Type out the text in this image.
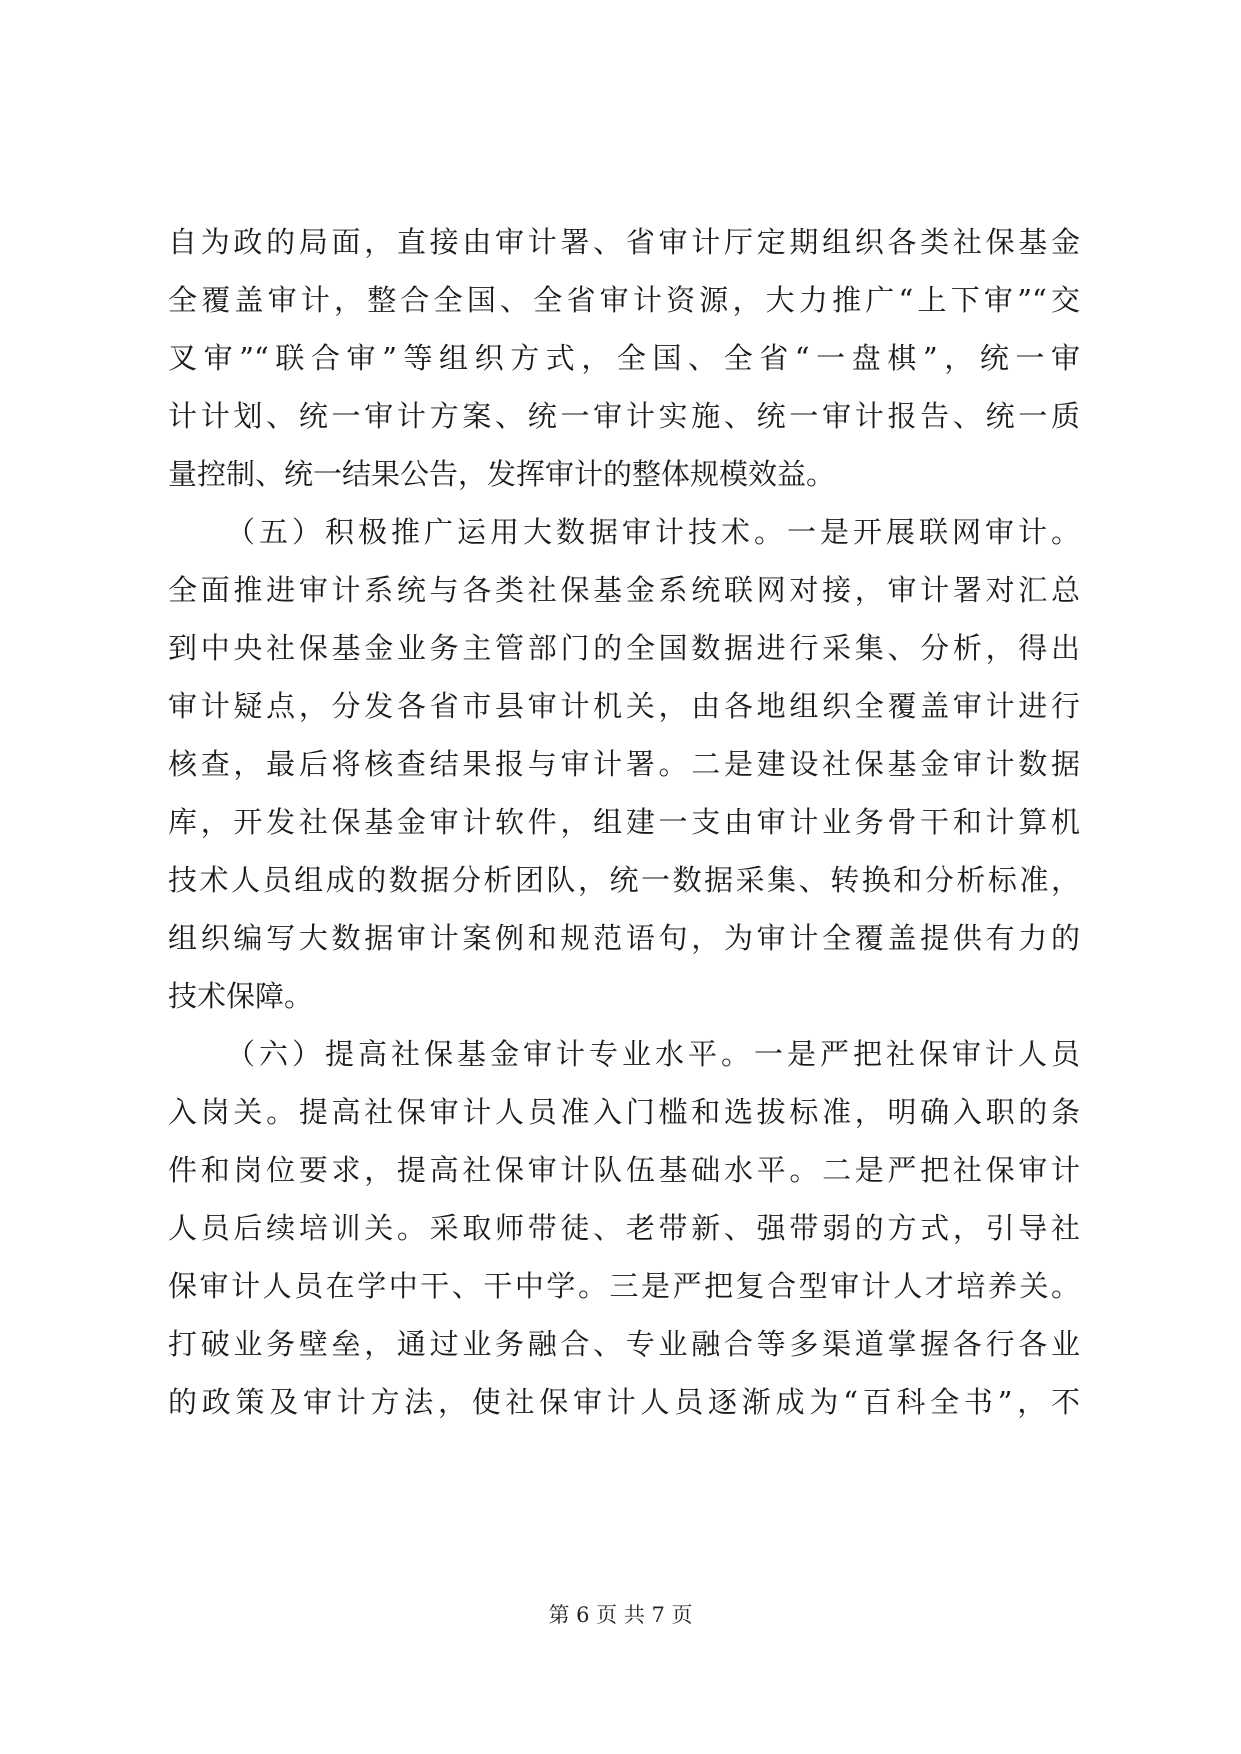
自为政的局面，直接由审计署、省审计厅定期组织各类社保基金
全覆盖审计，整合全国、全省审计资源，大力推广“上下审”“交
叉审”“联合审”等组织方式，全国、全省“一盘棋”，统一审
计计划、统一审计方案、统一审计实施、统一审计报告、统一质
量控制、统一结果公告，发挥审计的整体规模效益。
（五）积极推广运用大数据审计技术。一是开展联网审计。
全面推进审计系统与各类社保基金系统联网对接，审计署对汇总
到中央社保基金业务主管部门的全国数据进行采集、分析，得出
审计疑点，分发各省市县审计机关，由各地组织全覆盖审计进行
核查，最后将核查结果报与审计署。二是建设社保基金审计数据
库，开发社保基金审计软件，组建一支由审计业务骨干和计算机
技术人员组成的数据分析团队，统一数据采集、转换和分析标准，
组织编写大数据审计案例和规范语句，为审计全覆盖提供有力的
技术保障。
（六）提高社保基金审计专业水平。一是严把社保审计人员
入岗关。提高社保审计人员准入门槛和选拔标准，明确入职的条
件和岗位要求，提高社保审计队伍基础水平。二是严把社保审计
人员后续培训关。采取师带徒、老带新、强带弱的方式，引导社
保审计人员在学中干、干中学。三是严把复合型审计人才培养关。
打破业务壁垒，通过业务融合、专业融合等多渠道掌握各行各业
的政策及审计方法，使社保审计人员逐渐成为“百科全书”，不
第 6 页 共 7 页
